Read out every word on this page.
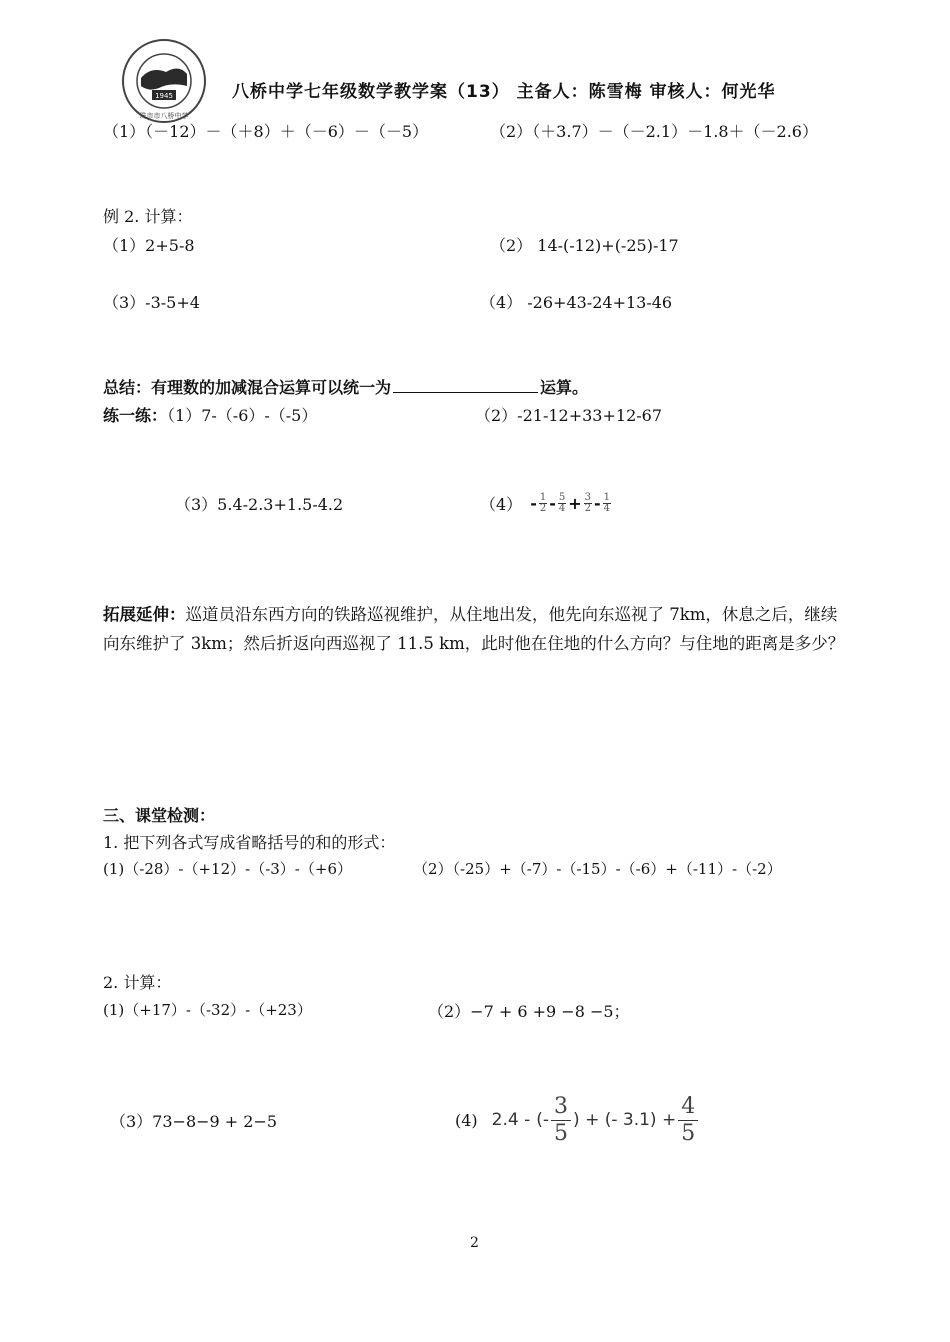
1945
珠市市八桥中学
八桥中学七年级数学教学案（13） 主备人：陈雪梅 审核人：何光华
（1）（－12）－（＋8）＋（－6）－（－5）	（2）（＋3.7）－（－2.1）－1.8＋（－2.6）
例 2. 计算：
（1）2+5-8	（2） 14-(-12)+(-25)-17
（3）-3-5+4	（4） -26+43-24+13-46
总结：有理数的加减混合运算可以统一为	运算。
练一练：（1）7-（-6）-（-5）	（2）-21-12+33+12-67
（3）5.4-2.3+1.5-4.2	$(4) - \frac{1}{2} - \frac{5}{4} + \frac{3}{2} - \frac{1}{4}$
拓展延伸：巡道员沿东西方向的铁路巡视维护，从住地出发，他先向东巡视了 7km，休息之后，继续向东维护了 3km；然后折返向西巡视了 11.5 km，此时他在住地的什么方向？与住地的距离是多少？
三、课堂检测：
1. 把下列各式写成省略括号的和的形式：
(1)（-28）-（+12）-（-3）-（+6）	（2）（-25）+（-7）-（-15）-（-6）+（-11）-（-2）
2. 计算：
(1)（+17）-（-32）-（+23）	（2）−7 + 6 +9 −8 −5；
（3）73−8−9 + 2−5	(4) 2.4 - (- $\frac{3}{5}$ ) + (- $3.1) + \frac{4}{5}$
2
